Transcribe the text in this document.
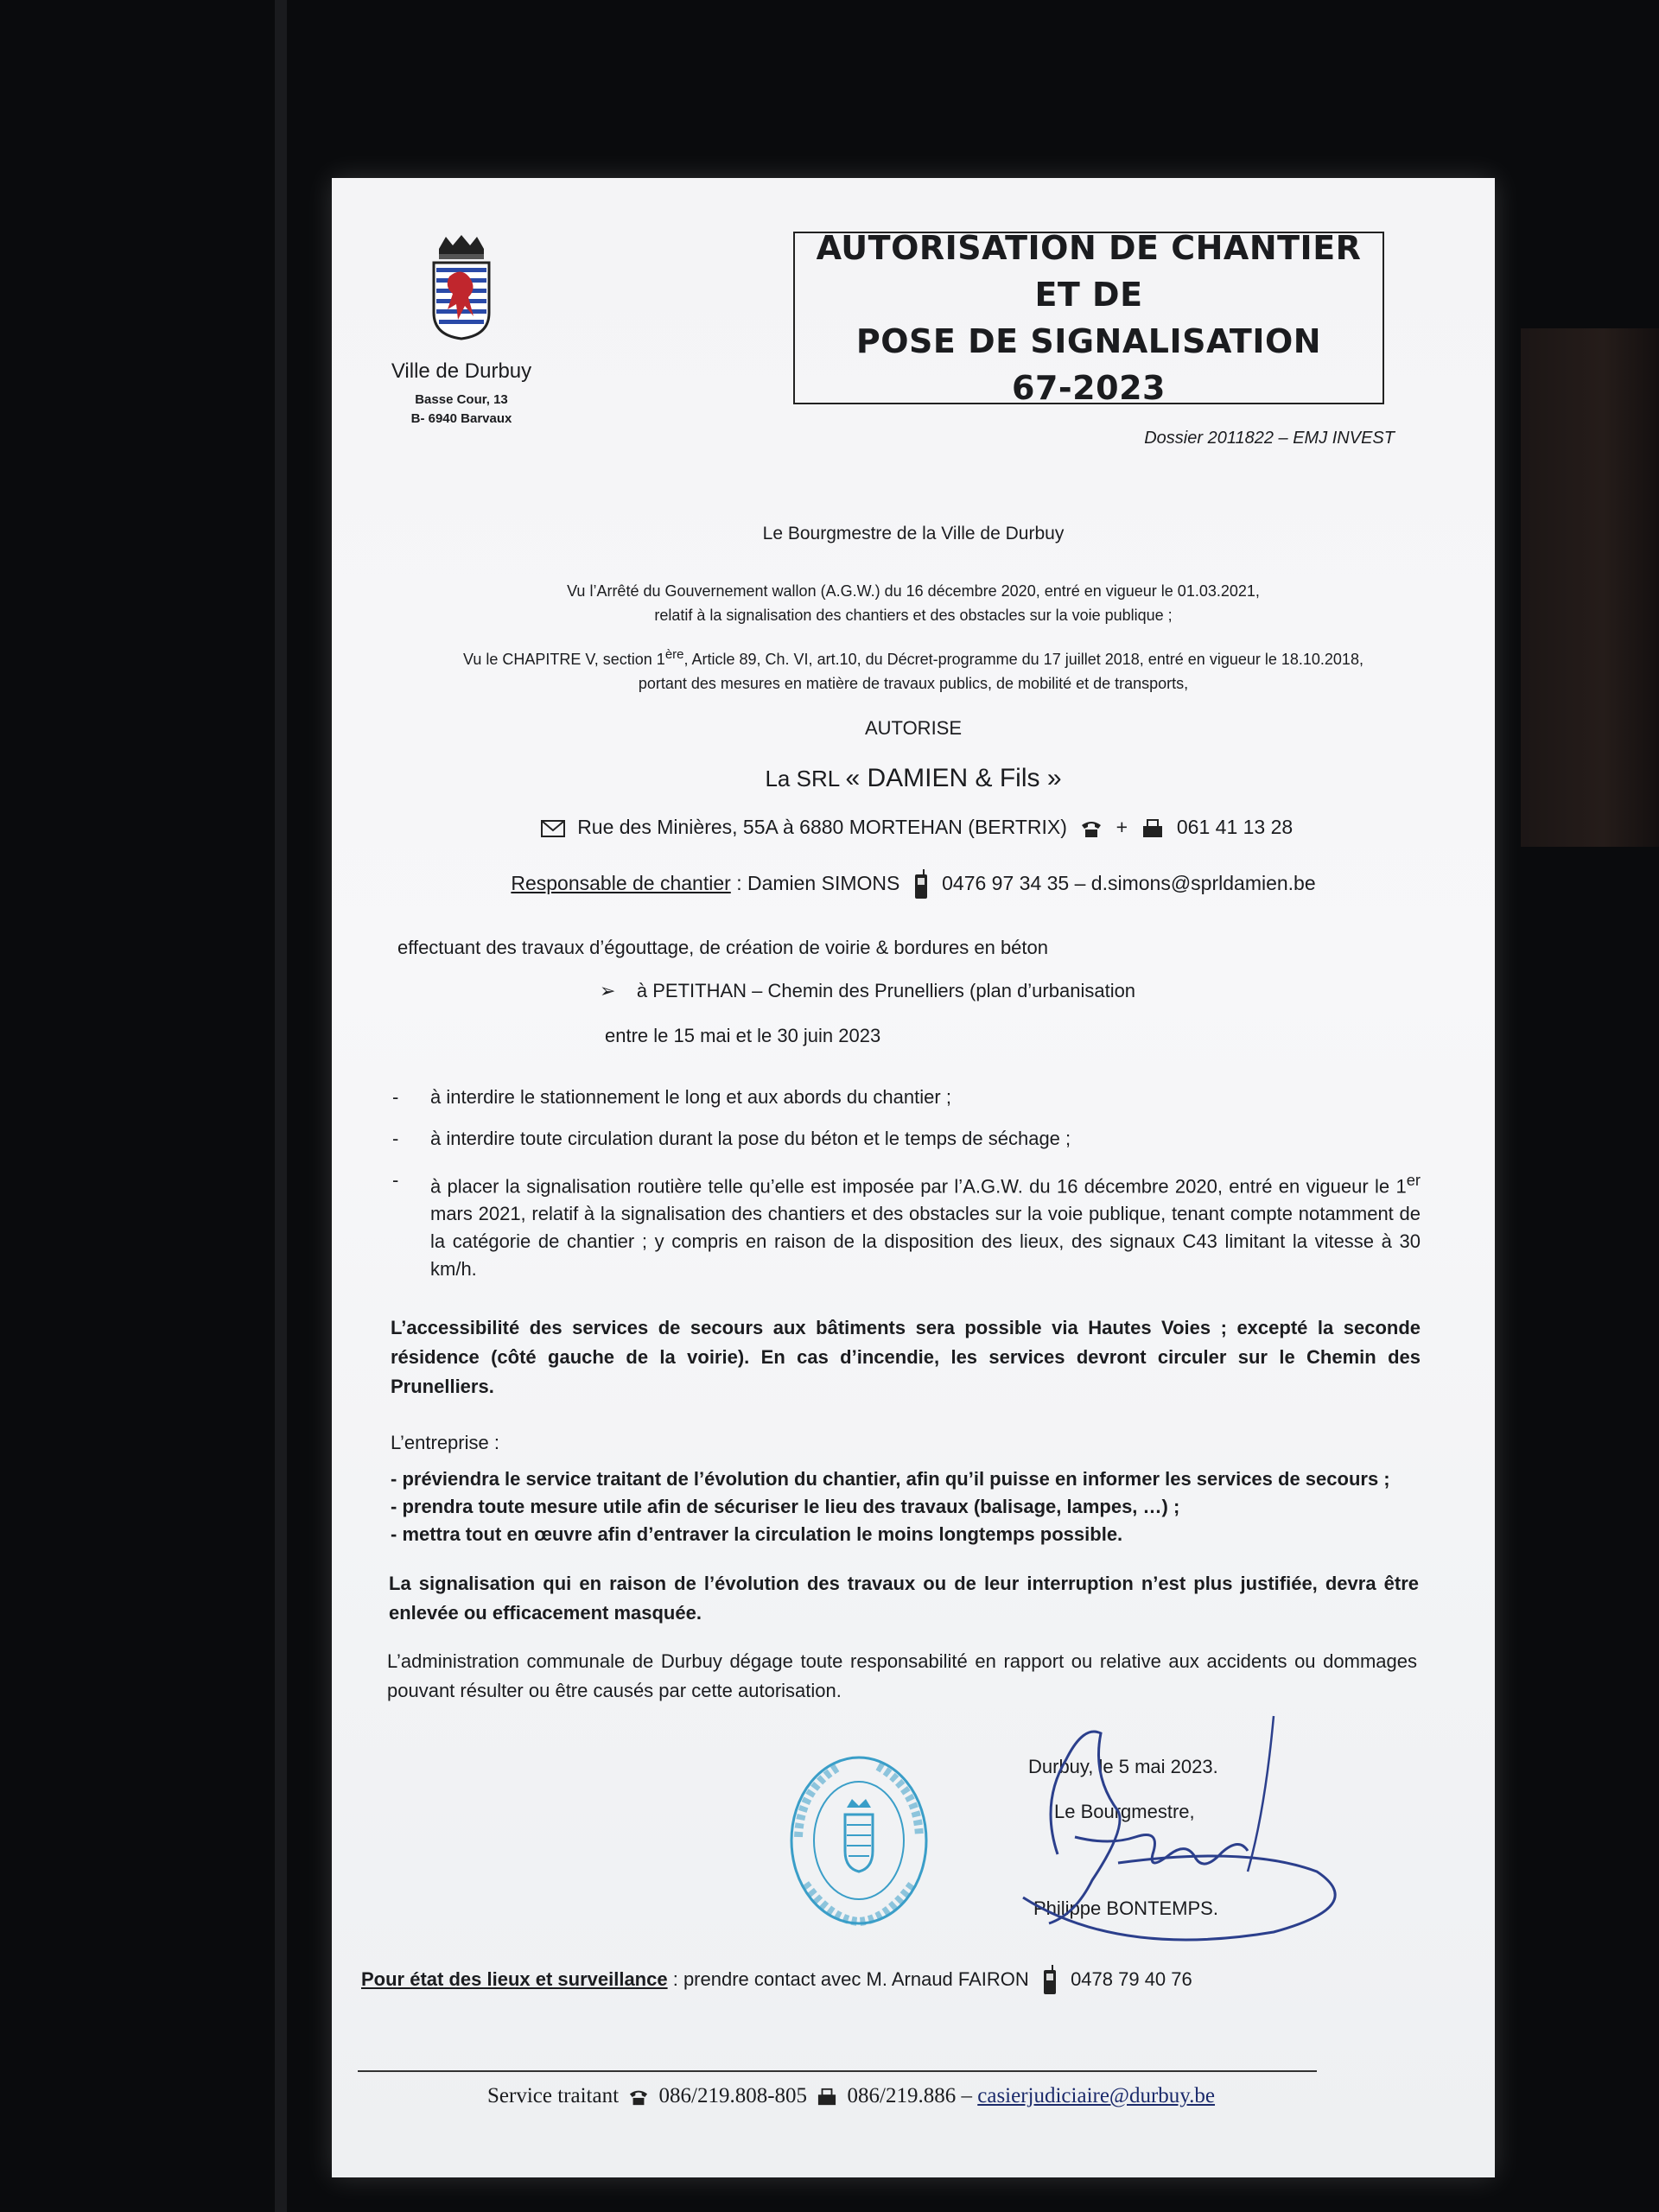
Ville de Durbuy
Basse Cour, 13
B- 6940 Barvaux
AUTORISATION DE CHANTIER ET DE
POSE DE SIGNALISATION
67-2023
Dossier 2011822 – EMJ INVEST
Le Bourgmestre de la Ville de Durbuy
Vu l’Arrêté du Gouvernement wallon (A.G.W.) du 16 décembre 2020, entré en vigueur le 01.03.2021,
relatif à la signalisation des chantiers et des obstacles sur la voie publique ;
Vu le CHAPITRE V, section 1ère, Article 89, Ch. VI, art.10, du Décret-programme du 17 juillet 2018, entré en vigueur le 18.10.2018,
portant des mesures en matière de travaux publics, de mobilité et de transports,
AUTORISE
La SRL « DAMIEN & Fils »
Rue des Minières, 55A à 6880 MORTEHAN (BERTRIX) + 061 41 13 28
Responsable de chantier : Damien SIMONS 0476 97 34 35 – d.simons@sprldamien.be
effectuant des travaux d’égouttage, de création de voirie & bordures en béton
➢ à PETITHAN – Chemin des Prunelliers (plan d’urbanisation
entre le 15 mai et le 30 juin 2023
-	à interdire le stationnement le long et aux abords du chantier ;
-	à interdire toute circulation durant la pose du béton et le temps de séchage ;
-	à placer la signalisation routière telle qu’elle est imposée par l’A.G.W. du 16 décembre 2020, entré en vigueur le 1er mars 2021, relatif à la signalisation des chantiers et des obstacles sur la voie publique, tenant compte notamment de la catégorie de chantier ; y compris en raison de la disposition des lieux, des signaux C43 limitant la vitesse à 30 km/h.
L’accessibilité des services de secours aux bâtiments sera possible via Hautes Voies ; excepté la seconde résidence (côté gauche de la voirie). En cas d’incendie, les services devront circuler sur le Chemin des Prunelliers.
L’entreprise :
- préviendra le service traitant de l’évolution du chantier, afin qu’il puisse en informer les services de secours ;
- prendra toute mesure utile afin de sécuriser le lieu des travaux (balisage, lampes, …) ;
- mettra tout en œuvre afin d’entraver la circulation le moins longtemps possible.
La signalisation qui en raison de l’évolution des travaux ou de leur interruption n’est plus justifiée, devra être enlevée ou efficacement masquée.
L’administration communale de Durbuy dégage toute responsabilité en rapport ou relative aux accidents ou dommages pouvant résulter ou être causés par cette autorisation.
Durbuy, le 5 mai 2023.
Le Bourgmestre,
Philippe BONTEMPS.
Pour état des lieux et surveillance : prendre contact avec M. Arnaud FAIRON 0478 79 40 76
Service traitant 086/219.808-805 086/219.886 – casierjudiciaire@durbuy.be
